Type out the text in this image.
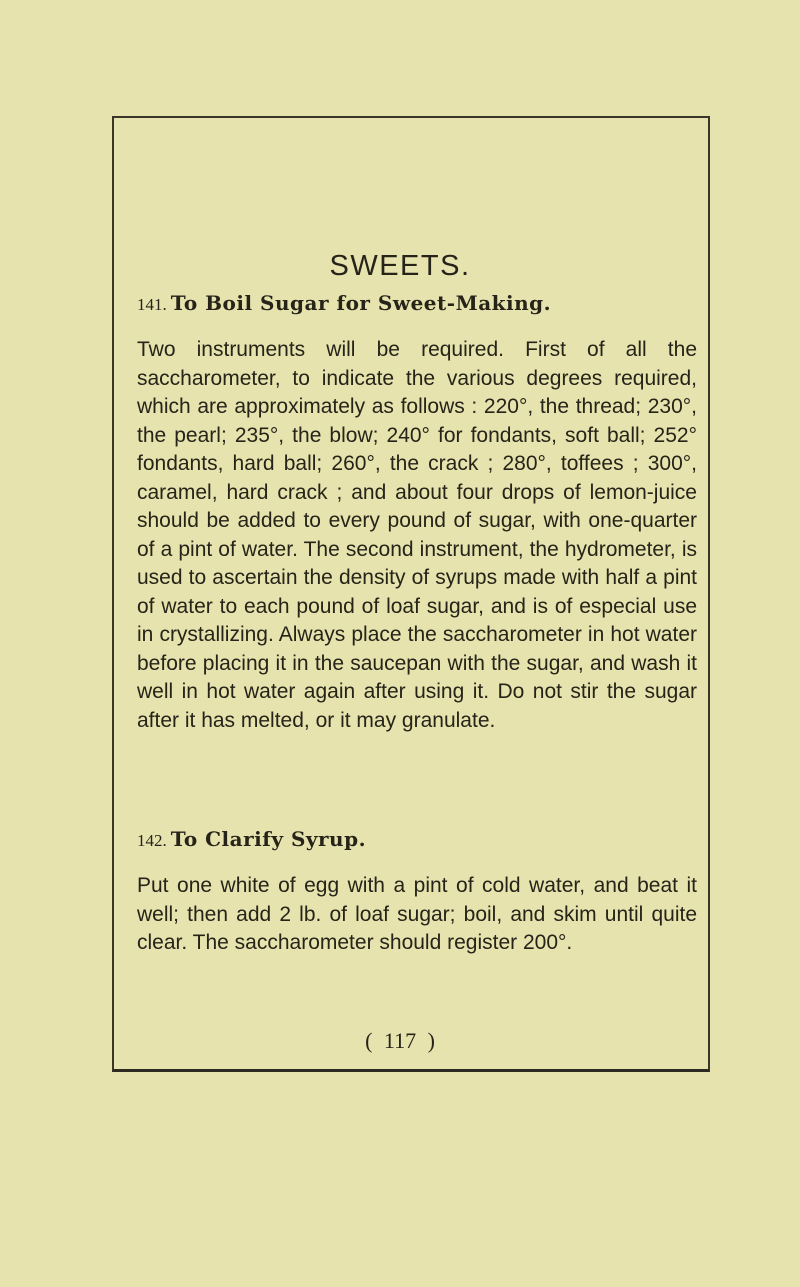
SWEETS.
141. To Boil Sugar for Sweet-Making.
Two instruments will be required. First of all the saccharometer, to indicate the various degrees required, which are approximately as follows : 220°, the thread; 230°, the pearl; 235°, the blow; 240° for fondants, soft ball; 252° fondants, hard ball; 260°, the crack ; 280°, toffees ; 300°, caramel, hard crack ; and about four drops of lemon-juice should be added to every pound of sugar, with one-quarter of a pint of water. The second instrument, the hydrometer, is used to ascertain the density of syrups made with half a pint of water to each pound of loaf sugar, and is of especial use in crystallizing. Always place the saccharometer in hot water before placing it in the saucepan with the sugar, and wash it well in hot water again after using it. Do not stir the sugar after it has melted, or it may granulate.
142. To Clarify Syrup.
Put one white of egg with a pint of cold water, and beat it well; then add 2 lb. of loaf sugar; boil, and skim until quite clear. The saccharometer should register 200°.
( 117 )
